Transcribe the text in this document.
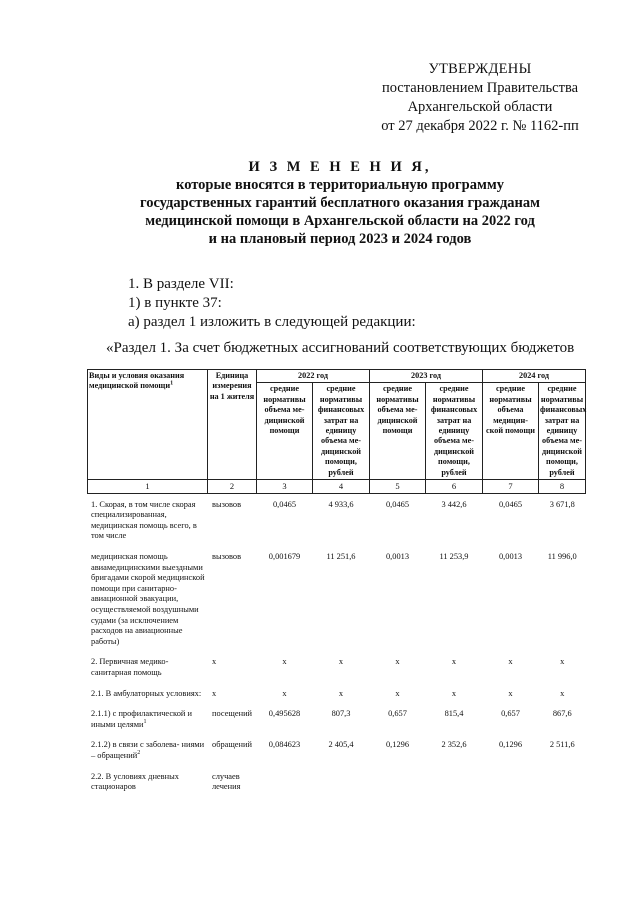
УТВЕРЖДЕНЫ
постановлением Правительства
Архангельской области
от 27 декабря 2022 г. № 1162-пп
И З М Е Н Е Н И Я,
которые вносятся в территориальную программу
государственных гарантий бесплатного оказания гражданам
медицинской помощи в Архангельской области на 2022 год
и на плановый период 2023 и 2024 годов
1. В разделе VII:
1) в пункте 37:
а) раздел 1 изложить в следующей редакции:
«Раздел 1. За счет бюджетных ассигнований соответствующих бюджетов
Виды и условия оказания медицинской помощи$^1$	Единица измерения на 1 жителя	2022 год		2023 год		2024 год	
		средние нормативы объема ме- дицинской помощи	средние нормативы финансовых затрат на единицу объема ме- дицинской помощи, рублей	средние нормативы объема ме- дицинской помощи	средние нормативы финансовых затрат на единицу объема ме- дицинской помощи, рублей	средние нормативы объема медицин- ской помощи	средние нормативы финансовых затрат на единицу объема ме- дицинской помощи, рублей
1	2	3	4	5	6	7	8
1. Скорая, в том числе скорая специализированная, медицинская помощь всего, в том числе	вызовов	0,0465	4 933,6	0,0465	3 442,6	0,0465	3 671,8
медицинская помощь авиамедицинскими выездными бригадами скорой медицинской помощи при санитарно-авиационной эвакуации, осуществляемой воздушными судами (за исключением расходов на авиационные работы)	вызовов	0,001679	11 251,6	0,0013	11 253,9	0,0013	11 996,0
2. Первичная медико-санитарная помощь	х	х	х	х	х	х	х
2.1. В амбулаторных условиях:	х	х	х	х	х	х	х
2.1.1) с профилактической и иными целями$^1$	посещений	0,495628	807,3	0,657	815,4	0,657	867,6
2.1.2) в связи с заболева- ниями – обращений$^2$	обращений	0,084623	2 405,4	0,1296	2 352,6	0,1296	2 511,6
2.2. В условиях дневных стационаров	случаев лечения						
